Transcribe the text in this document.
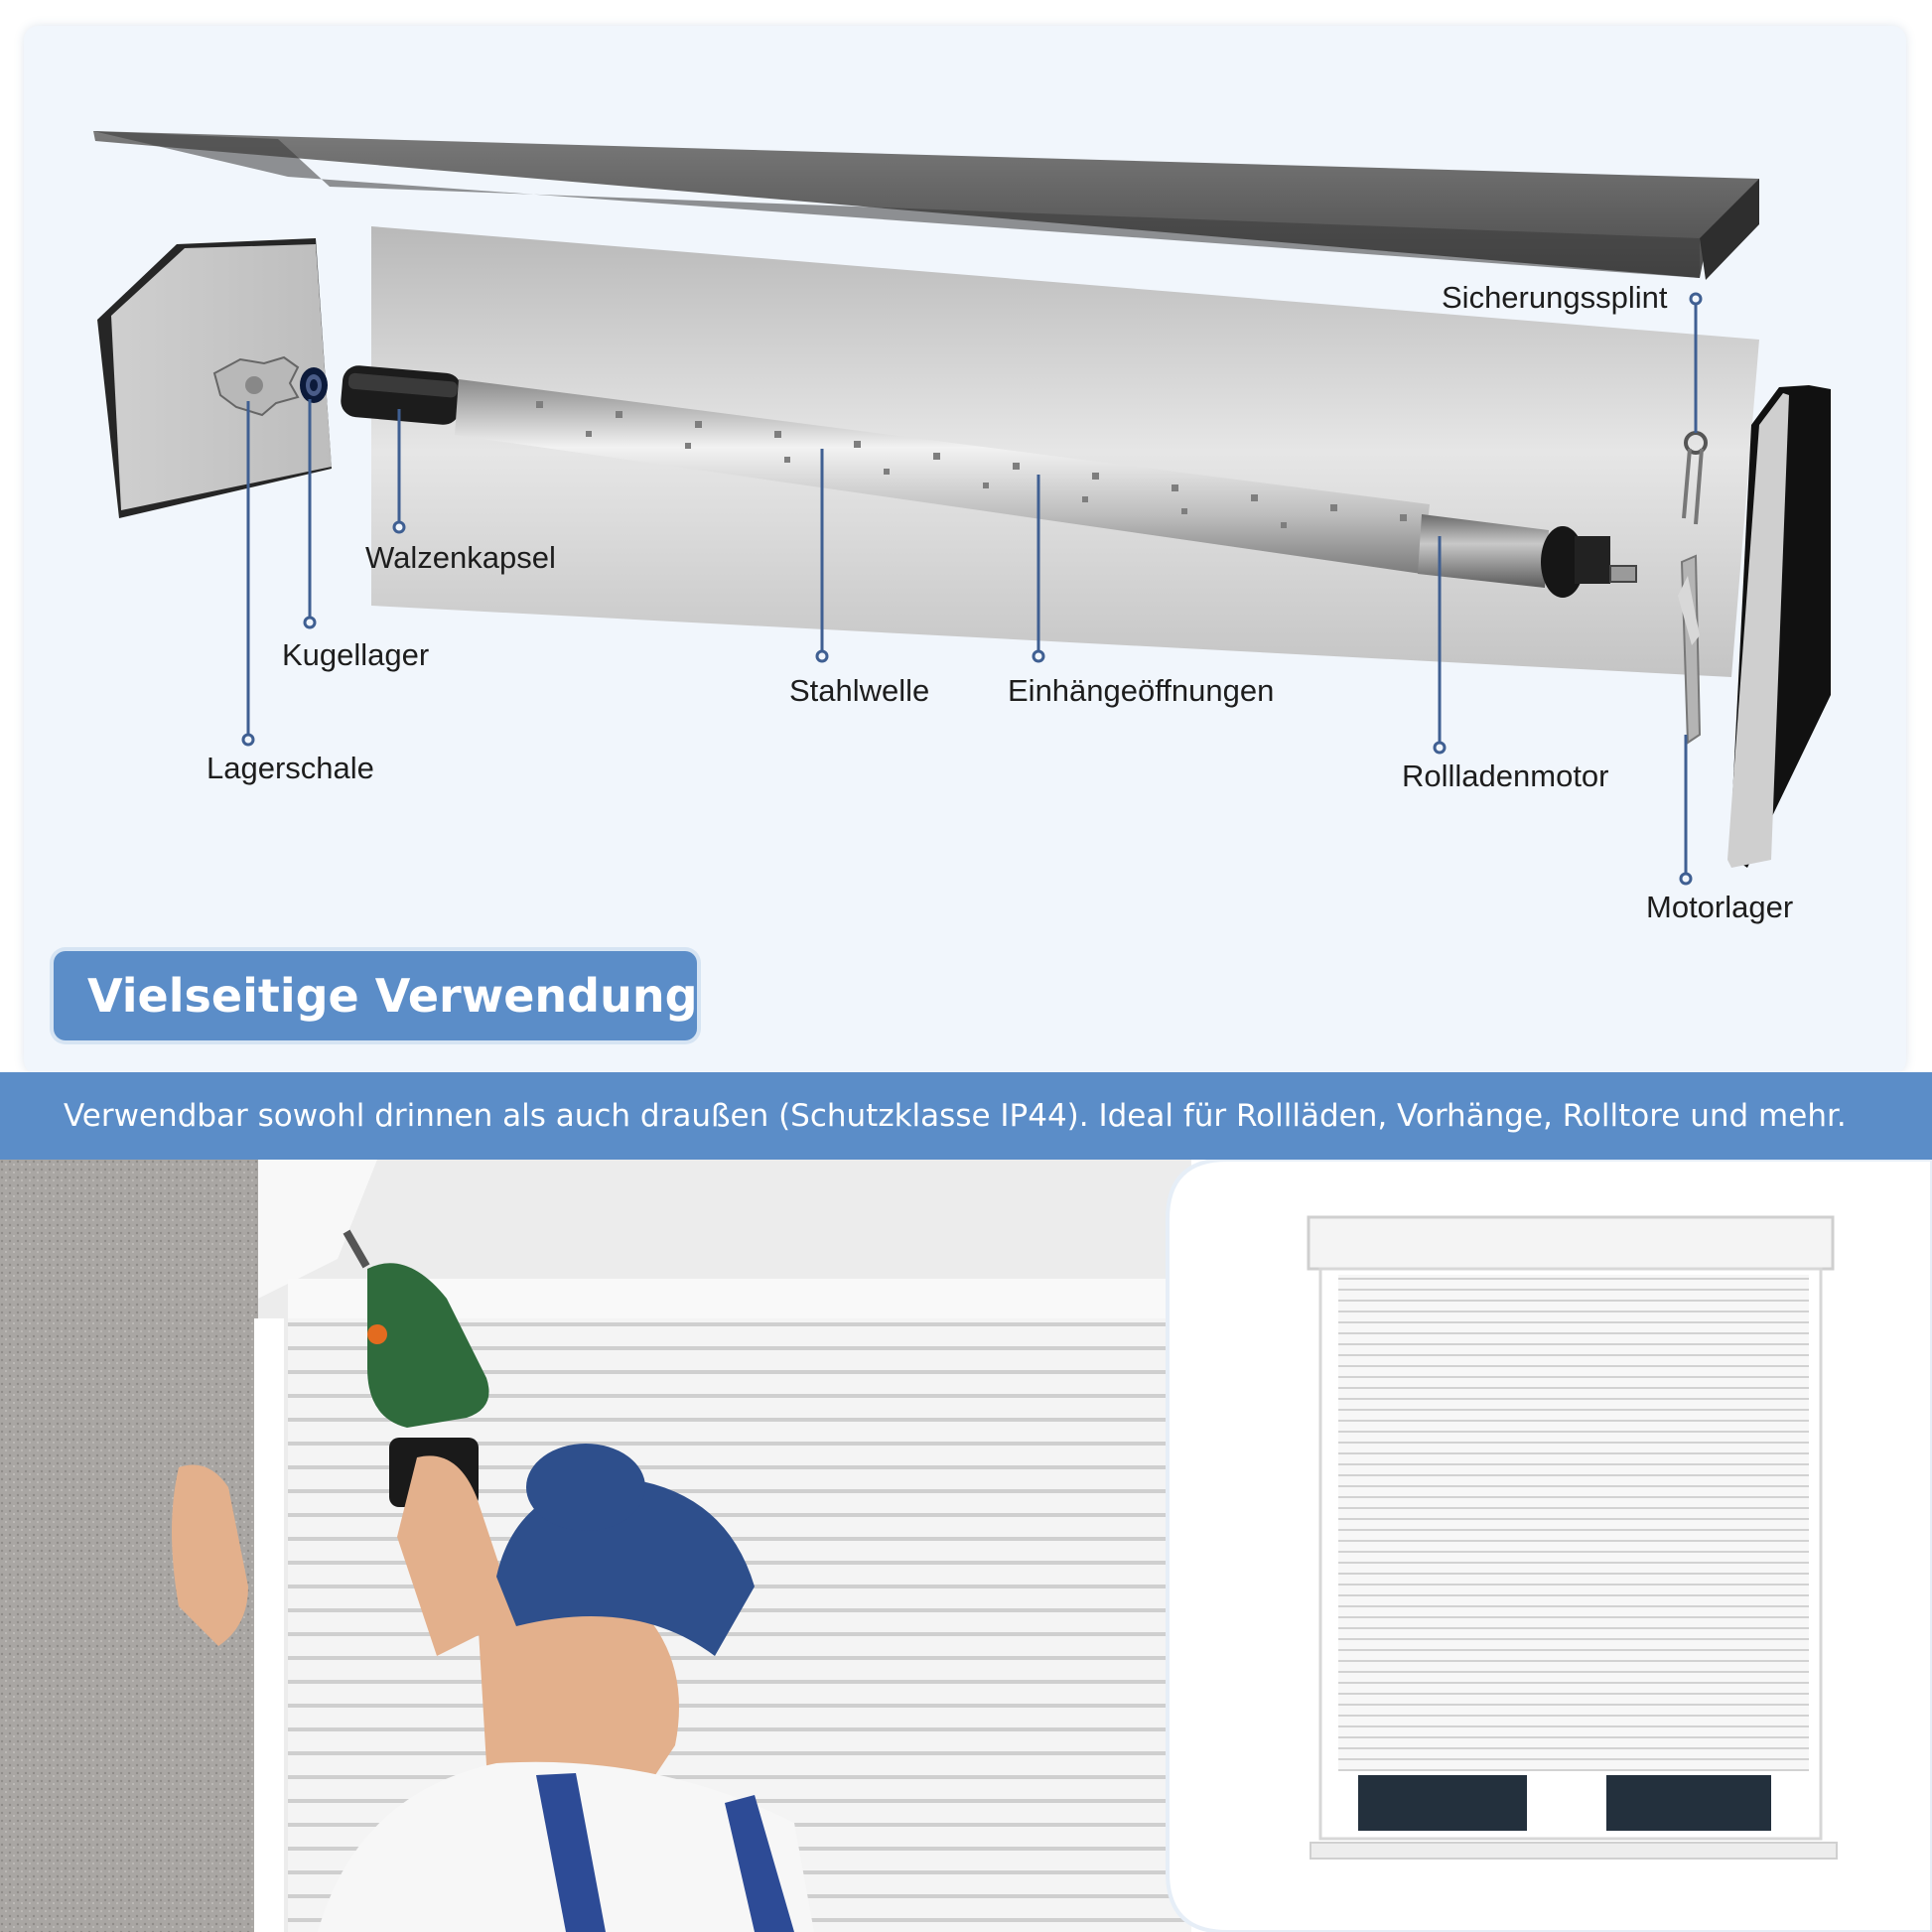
Sicherungssplint
Walzenkapsel
Kugellager
Stahlwelle	Einhängeöffnungen
Lagerschale	Rollladenmotor
Motorlager
Vielseitige Verwendung
Verwendbar sowohl drinnen als auch draußen (Schutzklasse IP44). Ideal für Rollläden, Vorhänge, Rolltore und mehr.
